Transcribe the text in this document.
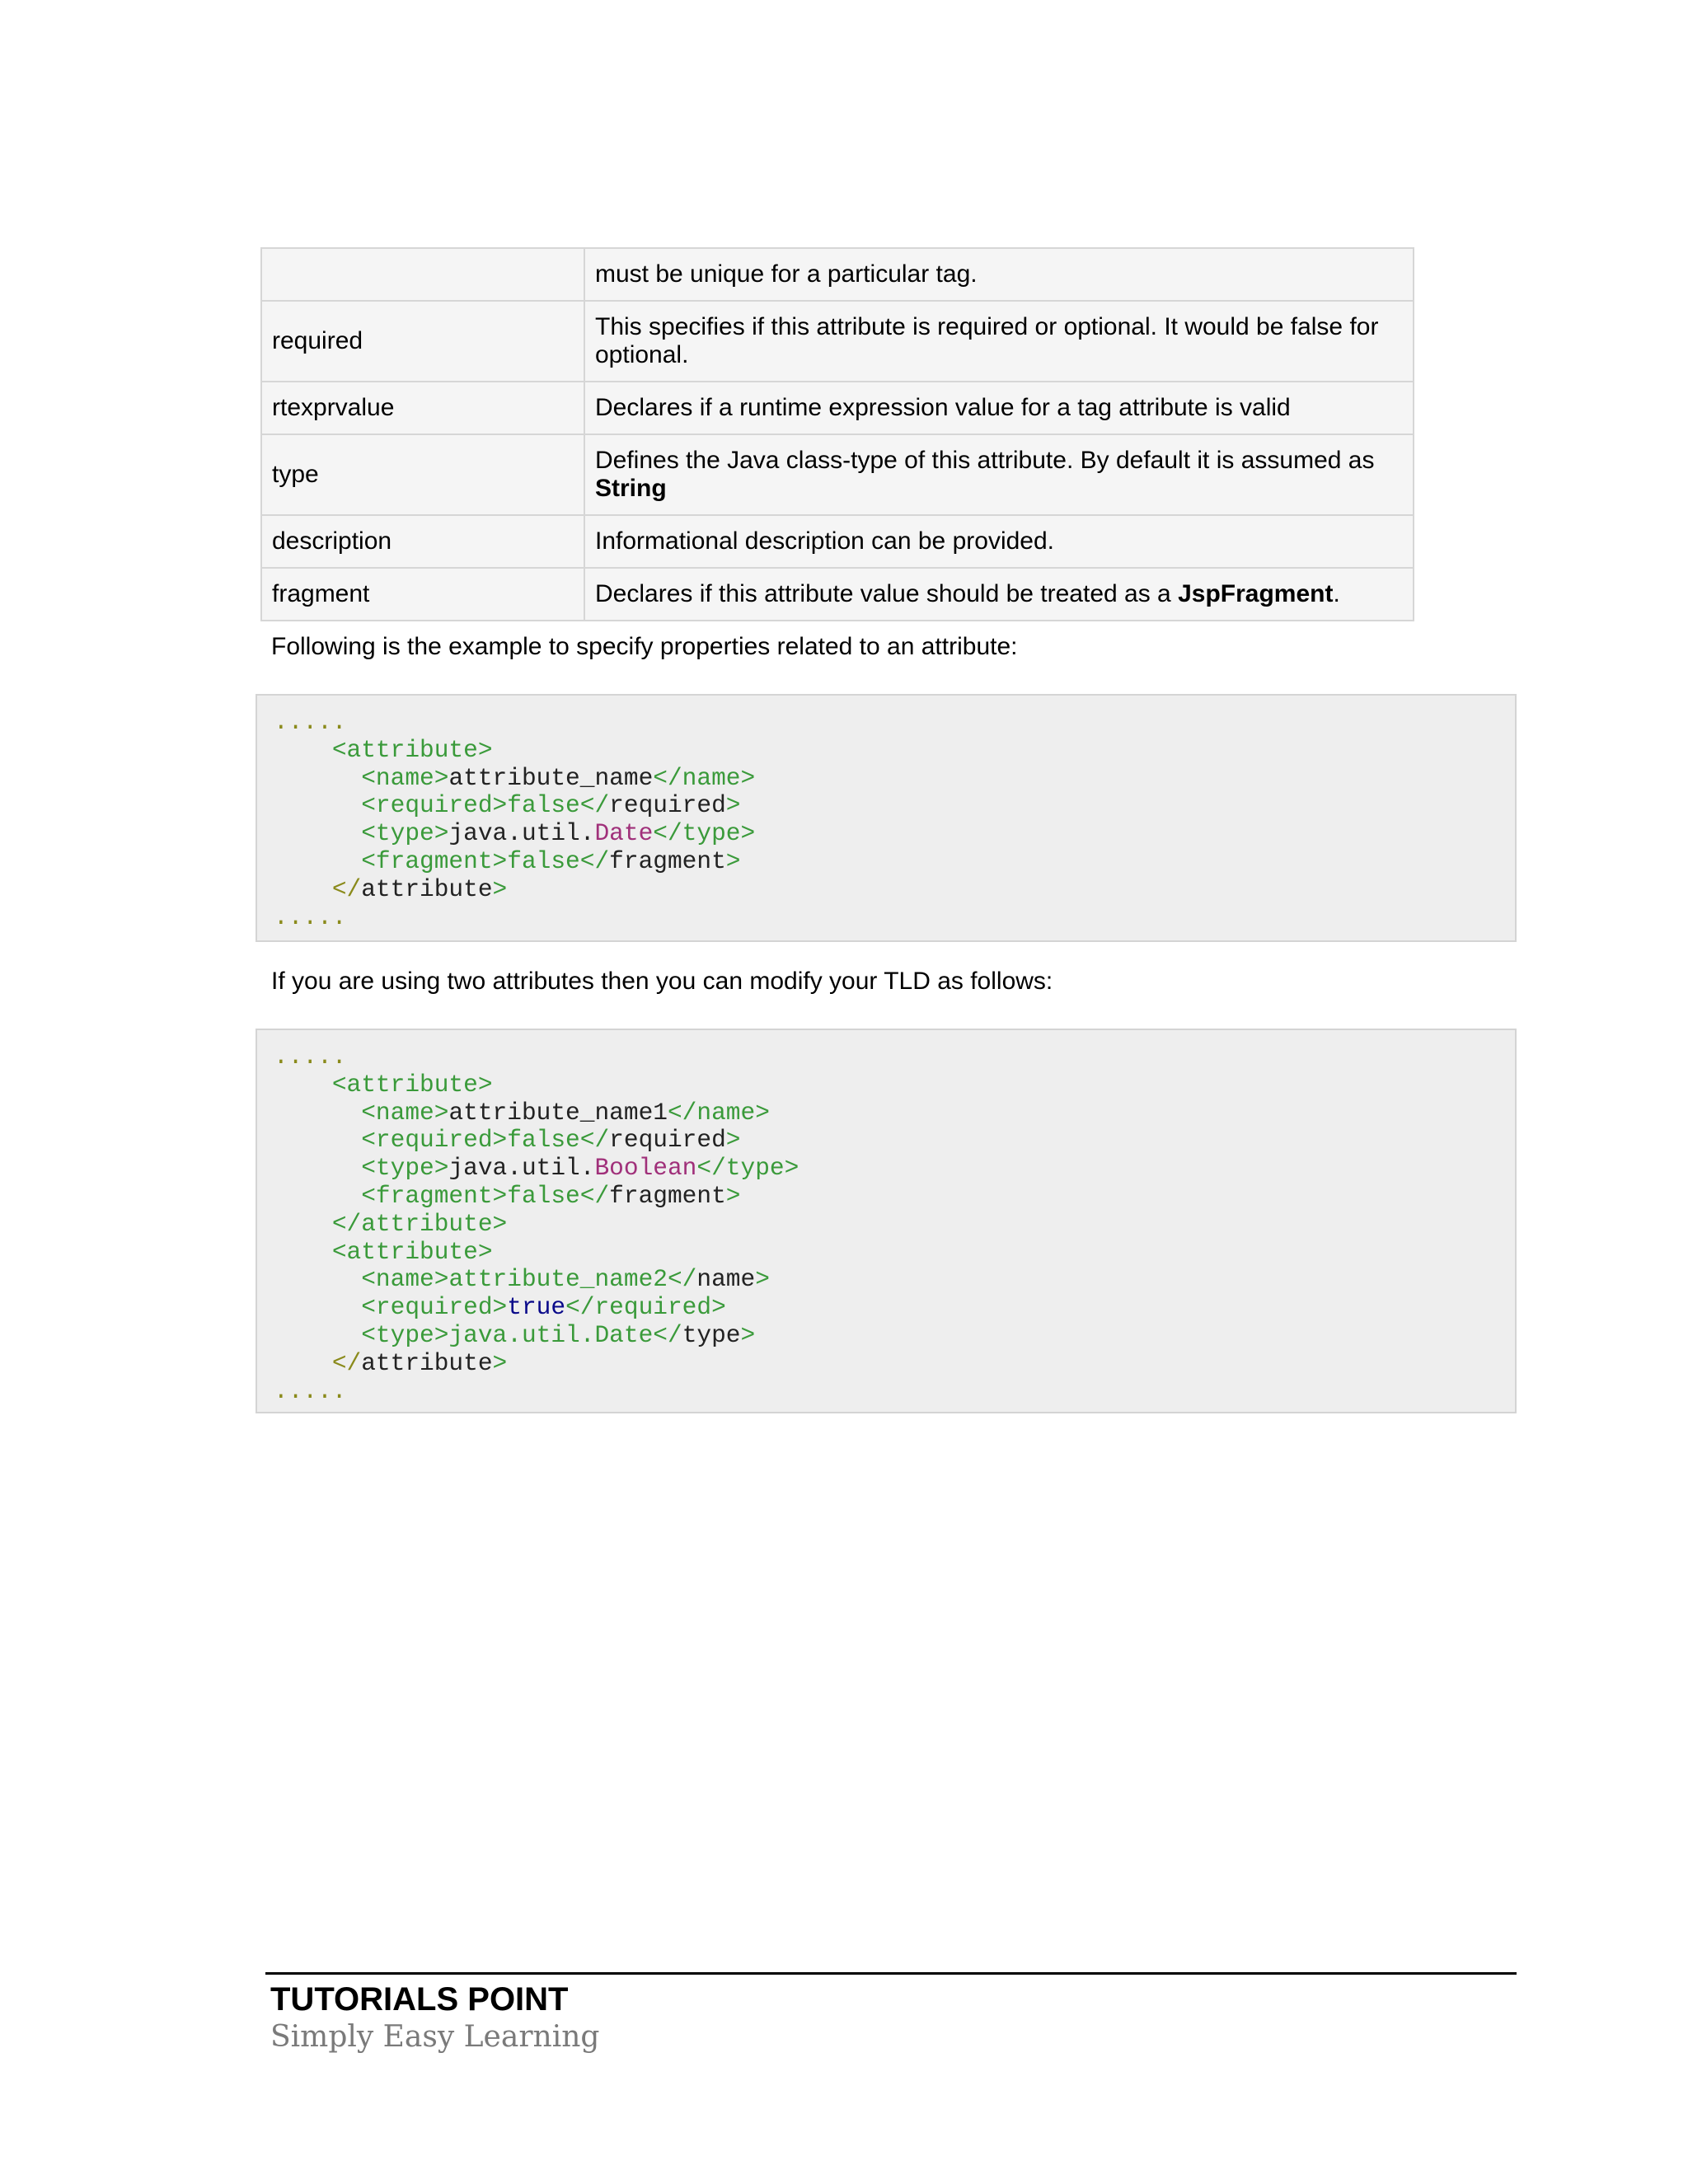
	must be unique for a particular tag.
required	This specifies if this attribute is required or optional. It would be false for optional.
rtexprvalue	Declares if a runtime expression value for a tag attribute is valid
type	Defines the Java class-type of this attribute. By default it is assumed as String
description	Informational description can be provided.
fragment	Declares if this attribute value should be treated as a JspFragment.

Following is the example to specify properties related to an attribute:

.....
<attribute>
<name>attribute_name</name>
<required>false</required>
<type>java.util.Date</type>
<fragment>false</fragment>
</attribute>
.....

If you are using two attributes then you can modify your TLD as follows:

.....
<attribute>
<name>attribute_name1</name>
<required>false</required>
<type>java.util.Boolean</type>
<fragment>false</fragment>
</attribute>
<attribute>
<name>attribute_name2</name>
<required>true</required>
<type>java.util.Date</type>
</attribute>
.....

TUTORIALS POINT

Simply Easy Learning
